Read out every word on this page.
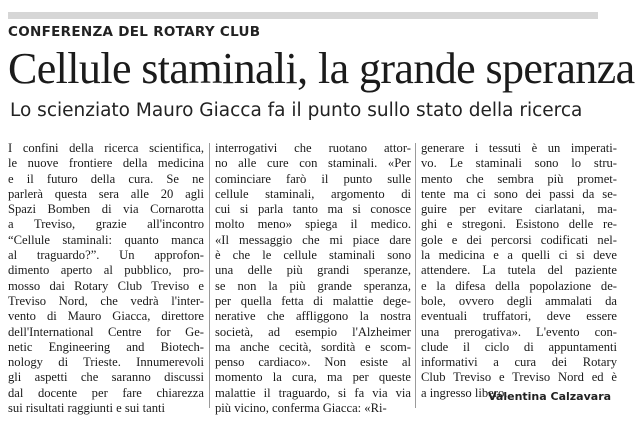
CONFERENZA DEL ROTARY CLUB
Cellule staminali, la grande speranza
Lo scienziato Mauro Giacca fa il punto sullo stato della ricerca
I confini della ricerca scientifica,
le nuove frontiere della medicina
e il futuro della cura. Se ne
parlerà questa sera alle 20 agli
Spazi Bomben di via Cornarotta
a Treviso, grazie all'incontro
“Cellule staminali: quanto manca
al traguardo?”. Un approfon-
dimento aperto al pubblico, pro-
mosso dai Rotary Club Treviso e
Treviso Nord, che vedrà l'inter-
vento di Mauro Giacca, direttore
dell'International Centre for Ge-
netic Engineering and Biotech-
nology di Trieste. Innumerevoli
gli aspetti che saranno discussi
dal docente per fare chiarezza
sui risultati raggiunti e sui tanti
interrogativi che ruotano attor-
no alle cure con staminali. «Per
cominciare farò il punto sulle
cellule staminali, argomento di
cui si parla tanto ma si conosce
molto meno» spiega il medico.
«Il messaggio che mi piace dare
è che le cellule staminali sono
una delle più grandi speranze,
se non la più grande speranza,
per quella fetta di malattie dege-
nerative che affliggono la nostra
società, ad esempio l'Alzheimer
ma anche cecità, sordità e scom-
penso cardiaco». Non esiste al
momento la cura, ma per queste
malattie il traguardo, si fa via via
più vicino, conferma Giacca: «Ri-
generare i tessuti è un imperati-
vo. Le staminali sono lo stru-
mento che sembra più promet-
tente ma ci sono dei passi da se-
guire per evitare ciarlatani, ma-
ghi e stregoni. Esistono delle re-
gole e dei percorsi codificati nel-
la medicina e a quelli ci si deve
attendere. La tutela del paziente
e la difesa della popolazione de-
bole, ovvero degli ammalati da
eventuali truffatori, deve essere
una prerogativa». L'evento con-
clude il ciclo di appuntamenti
informativi a cura dei Rotary
Club Treviso e Treviso Nord ed è
a ingresso libero.
Valentina Calzavara
